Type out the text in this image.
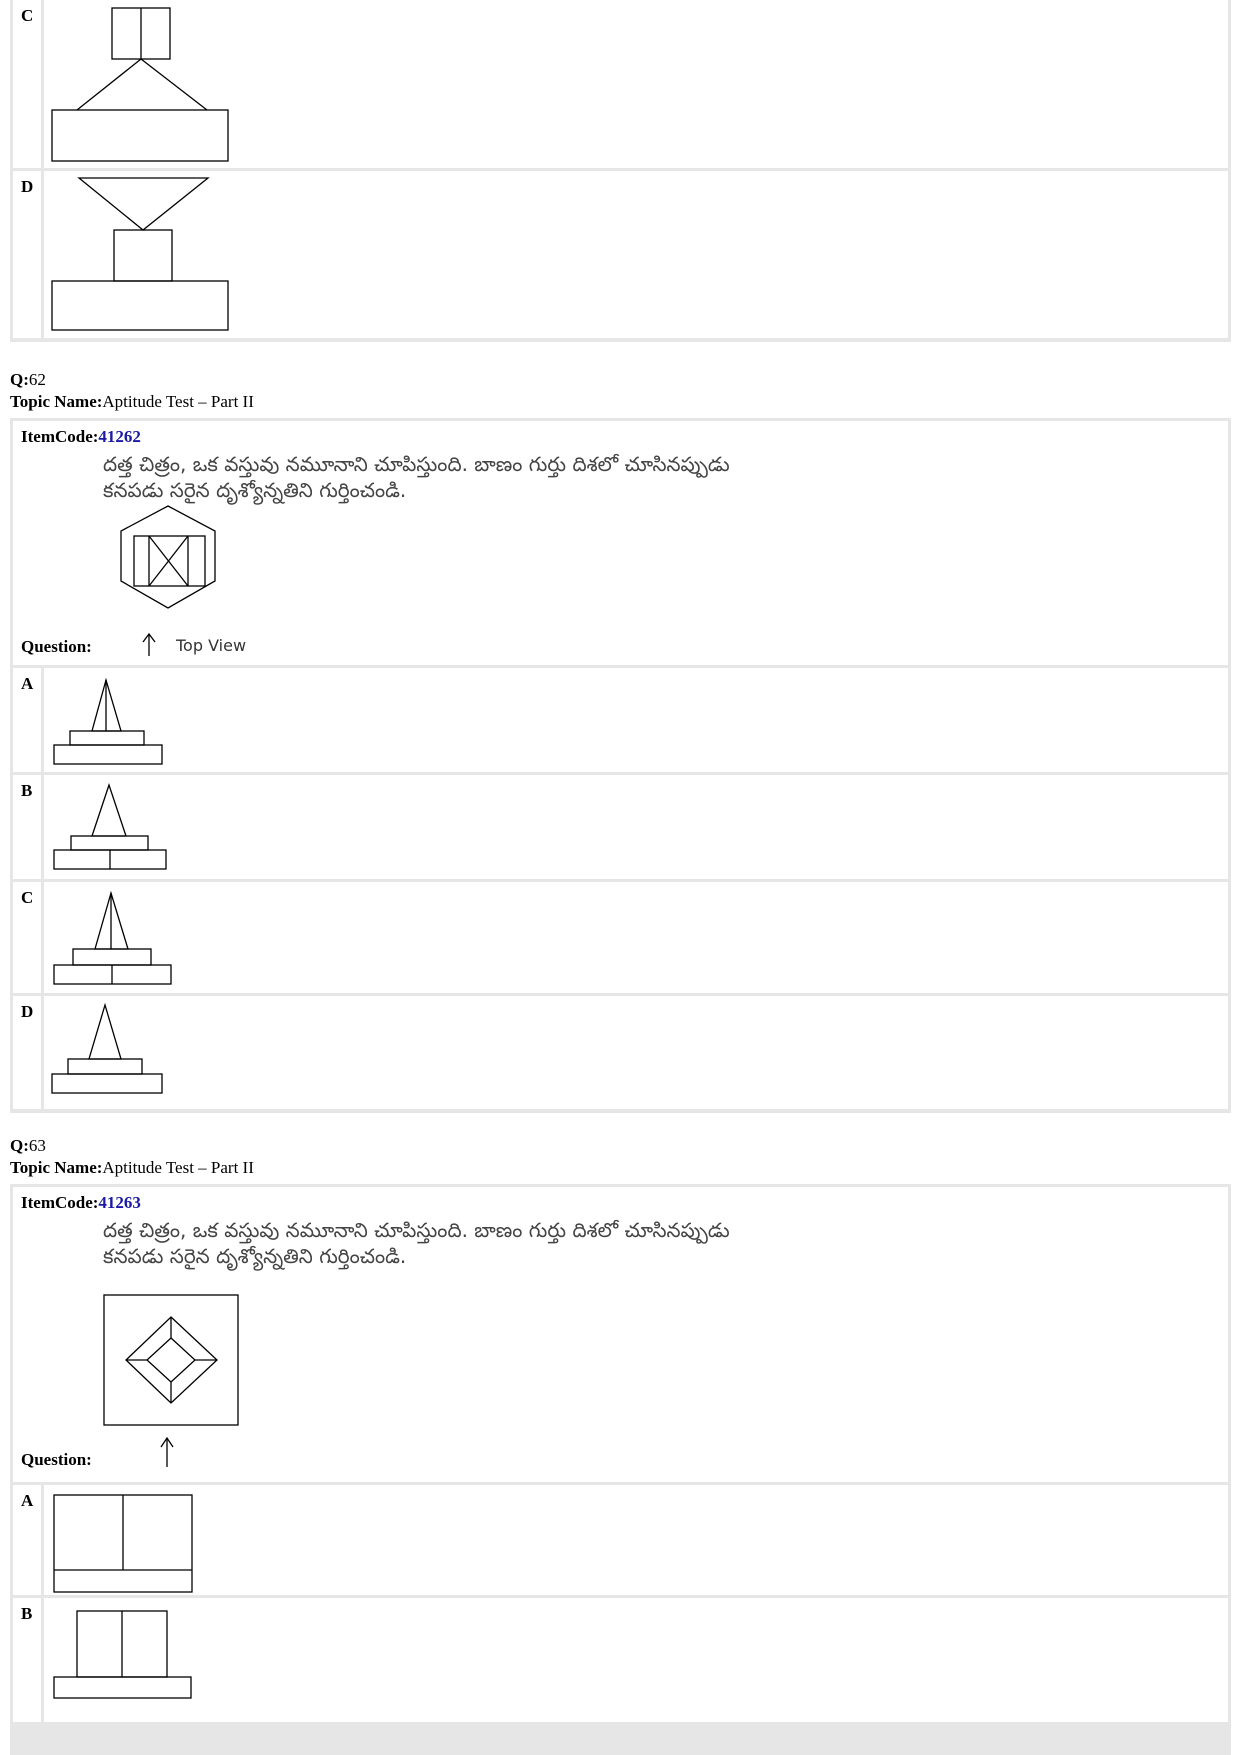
C
D
Q:62
Topic Name:Aptitude Test – Part II
ItemCode:41262
దత్త చిత్రం, ఒక వస్తువు నమూనాని చూపిస్తుంది. బాణం గుర్తు దిశలో చూసినప్పుడు
కనపడు సరైన దృశ్యోన్నతిని గుర్తించండి.
Top View
Question:
A
B
C
D
Q:63
Topic Name:Aptitude Test – Part II
ItemCode:41263
దత్త చిత్రం, ఒక వస్తువు నమూనాని చూపిస్తుంది. బాణం గుర్తు దిశలో చూసినప్పుడు
కనపడు సరైన దృశ్యోన్నతిని గుర్తించండి.
Question:
A
B
